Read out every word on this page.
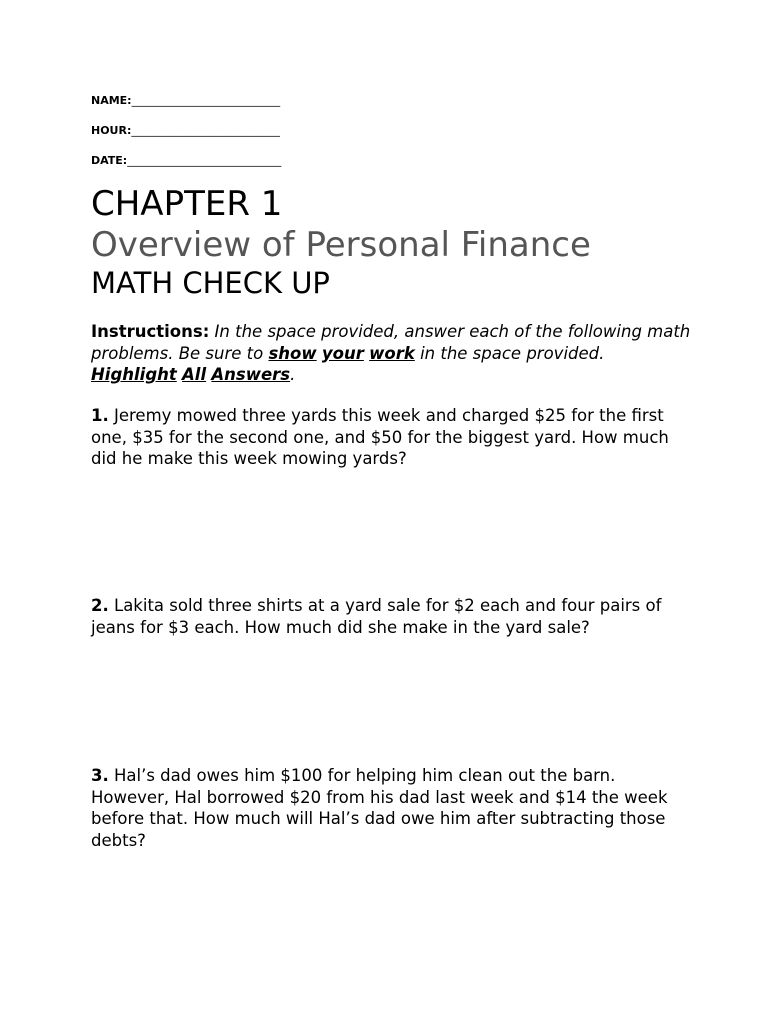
NAME:___________________________
HOUR:___________________________
DATE:____________________________
CHAPTER 1
Overview of Personal Finance
MATH CHECK UP
Instructions: In the space provided, answer each of the following math problems. Be sure to show your work in the space provided. Highlight All Answers.
1. Jeremy mowed three yards this week and charged $25 for the first one, $35 for the second one, and $50 for the biggest yard. How much did he make this week mowing yards?
2. Lakita sold three shirts at a yard sale for $2 each and four pairs of jeans for $3 each. How much did she make in the yard sale?
3. Hal’s dad owes him $100 for helping him clean out the barn. However, Hal borrowed $20 from his dad last week and $14 the week before that. How much will Hal’s dad owe him after subtracting those debts?
